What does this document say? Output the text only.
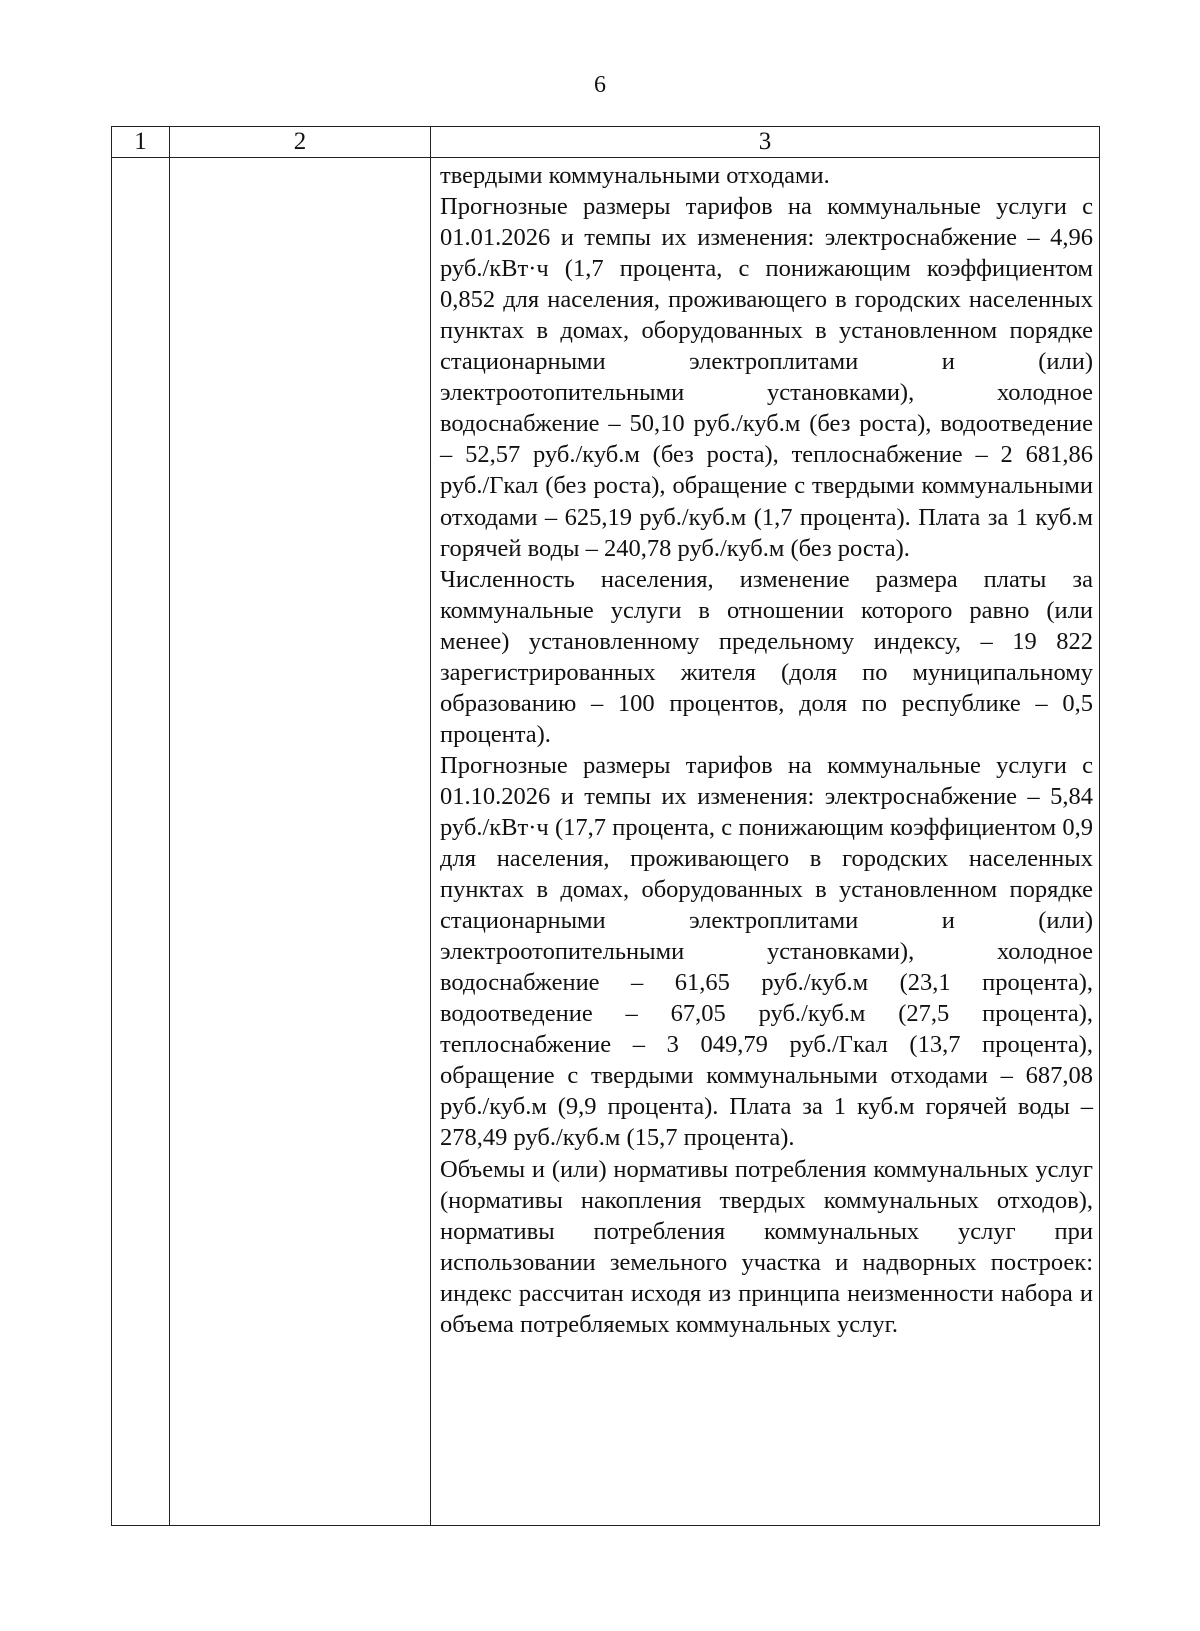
6
1	2	3

		твердыми коммунальными отходами.

Прогнозные размеры тарифов на коммунальные услуги с 01.01.2026 и темпы их изменения: электроснабжение – 4,96 руб./кВт·ч (1,7 процента, с понижающим коэффициентом 0,852 для населения, проживающего в городских населенных пунктах в домах, оборудованных в установленном порядке стационарными электроплитами и (или) электроотопительными установками), холодное водоснабжение – 50,10 руб./куб.м (без роста), водоотведение – 52,57 руб./куб.м (без роста), теплоснабжение – 2 681,86 руб./Гкал (без роста), обращение с твердыми коммунальными отходами – 625,19 руб./куб.м (1,7 процента). Плата за 1 куб.м горячей воды – 240,78 руб./куб.м (без роста).

Численность населения, изменение размера платы за коммунальные услуги в отношении которого равно (или менее) установленному предельному индексу, – 19 822 зарегистрированных жителя (доля по муниципальному образованию – 100 процентов, доля по республике – 0,5 процента).

Прогнозные размеры тарифов на коммунальные услуги с 01.10.2026 и темпы их изменения: электроснабжение – 5,84 руб./кВт·ч (17,7 процента, с понижающим коэффициентом 0,9 для населения, проживающего в городских населенных пунктах в домах, оборудованных в установленном порядке стационарными электроплитами и (или) электроотопительными установками), холодное водоснабжение – 61,65 руб./куб.м (23,1 процента), водоотведение – 67,05 руб./куб.м (27,5 процента), теплоснабжение – 3 049,79 руб./Гкал (13,7 процента), обращение с твердыми коммунальными отходами – 687,08 руб./куб.м (9,9 процента). Плата за 1 куб.м горячей воды – 278,49 руб./куб.м (15,7 процента).

Объемы и (или) нормативы потребления коммунальных услуг (нормативы накопления твердых коммунальных отходов), нормативы потребления коммунальных услуг при использовании земельного участка и надворных построек: индекс рассчитан исходя из принципа неизменности набора и объема потребляемых коммунальных услуг.
